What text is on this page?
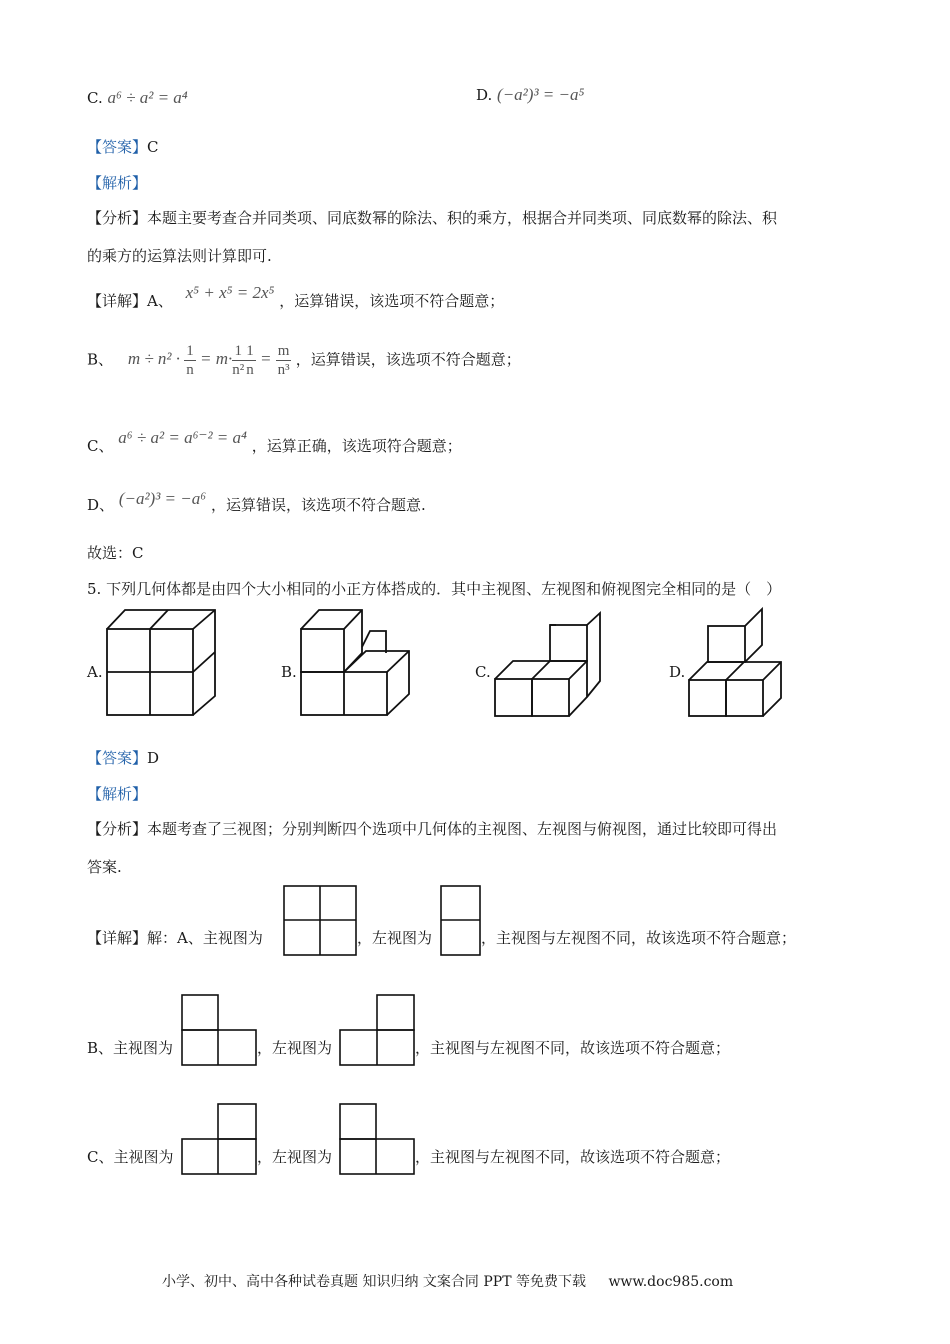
C. a⁶ ÷ a² = a⁴	D. (−a²)³ = −a⁵
【答案】C
【解析】
【分析】本题主要考查合并同类项、同底数幂的除法、积的乘方，根据合并同类项、同底数幂的除法、积
的乘方的运算法则计算即可.
【详解】A、 x⁵ + x⁵ = 2x⁵ ，运算错误，该选项不符合题意；
B、 $m \div n^2 \cdot \frac{1}{n} = m\cdot \frac{1}{\text{n²}} \frac{1}{n} = \frac{m}{\text{n³}}$ ，运算错误，该选项不符合题意；
C、 a⁶ ÷ a² = a⁶⁻² = a⁴ ，运算正确，该选项符合题意；
D、 (−a²)³ = −a⁶ ，运算错误，该选项不符合题意.
故选：C
5. 下列几何体都是由四个大小相同的小正方体搭成的．其中主视图、左视图和俯视图完全相同的是（　）
A.	B.	C.	D.
【答案】D
【解析】
【分析】本题考查了三视图；分别判断四个选项中几何体的主视图、左视图与俯视图，通过比较即可得出
答案.
【详解】解：A、主视图为	，左视图为	，主视图与左视图不同，故该选项不符合题意；
B、主视图为	，左视图为	，主视图与左视图不同，故该选项不符合题意；
C、主视图为	，左视图为	，主视图与左视图不同，故该选项不符合题意；
小学、初中、高中各种试卷真题 知识归纳 文案合同 PPT 等免费下载 www.doc985.com
